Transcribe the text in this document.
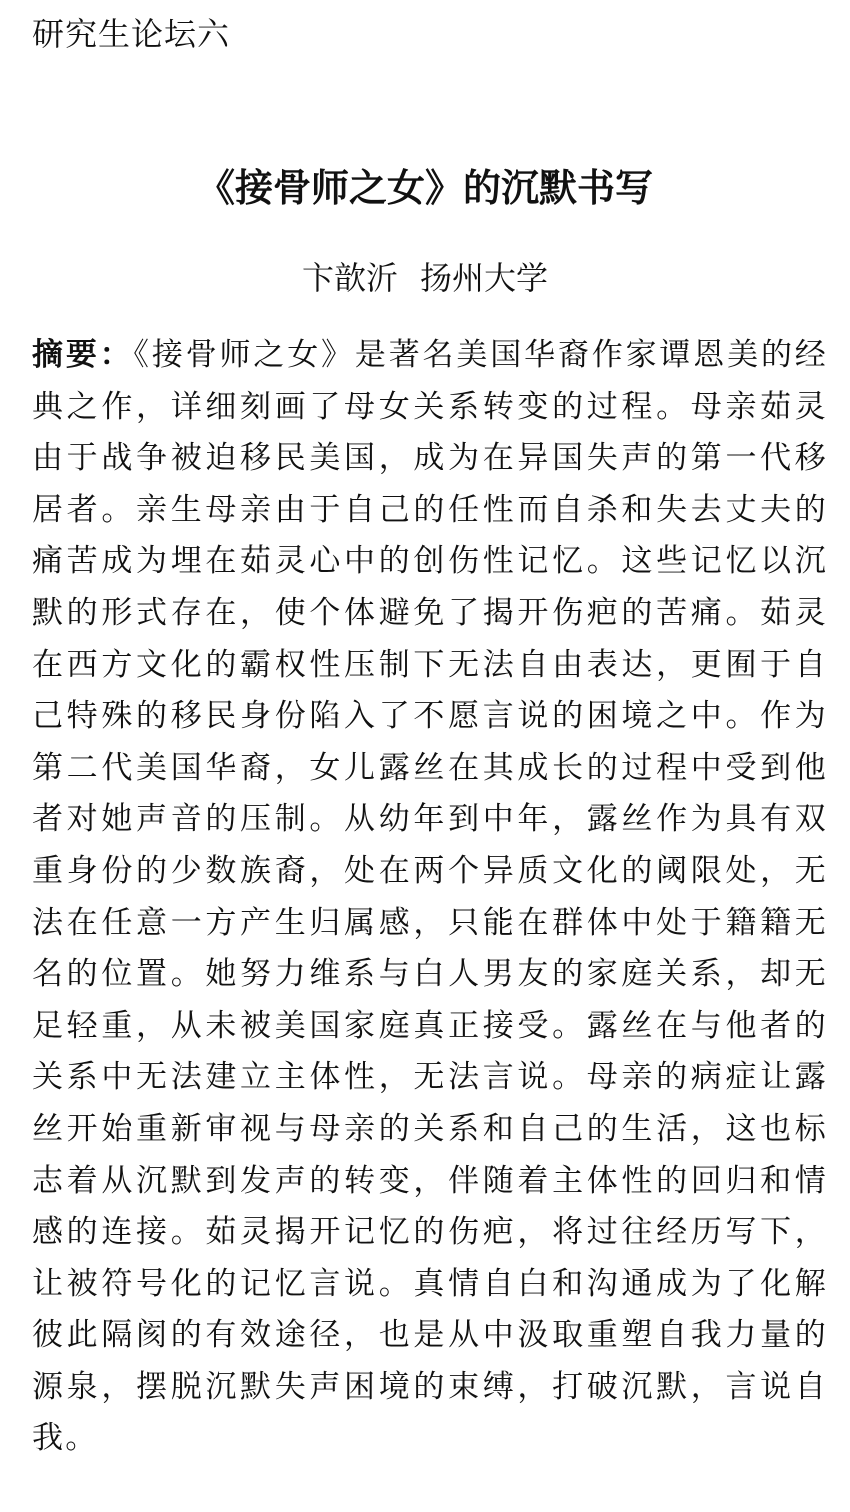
研究生论坛六
《接骨师之女》的沉默书写
卞歆沂 扬州大学

摘要：《接骨师之女》是著名美国华裔作家谭恩美的经典之作，详细刻画了母女关系转变的过程。母亲茹灵由于战争被迫移民美国，成为在异国失声的第一代移居者。亲生母亲由于自己的任性而自杀和失去丈夫的痛苦成为埋在茹灵心中的创伤性记忆。这些记忆以沉默的形式存在，使个体避免了揭开伤疤的苦痛。茹灵在西方文化的霸权性压制下无法自由表达，更囿于自己特殊的移民身份陷入了不愿言说的困境之中。作为第二代美国华裔，女儿露丝在其成长的过程中受到他者对她声音的压制。从幼年到中年，露丝作为具有双重身份的少数族裔，处在两个异质文化的阈限处，无法在任意一方产生归属感，只能在群体中处于籍籍无名的位置。她努力维系与白人男友的家庭关系，却无足轻重，从未被美国家庭真正接受。露丝在与他者的关系中无法建立主体性，无法言说。母亲的病症让露丝开始重新审视与母亲的关系和自己的生活，这也标志着从沉默到发声的转变，伴随着主体性的回归和情感的连接。茹灵揭开记忆的伤疤，将过往经历写下，让被符号化的记忆言说。真情自白和沟通成为了化解彼此隔阂的有效途径，也是从中汲取重塑自我力量的源泉，摆脱沉默失声困境的束缚，打破沉默，言说自我。
